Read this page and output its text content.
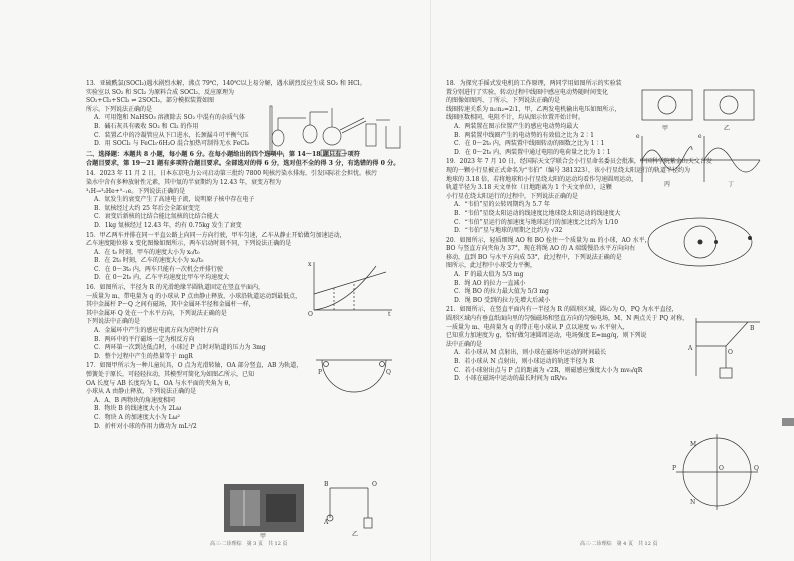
13．亚硫酰氯(SOCl₂)遇水剧烈水解，沸点 79℃，140℃以上易分解，遇水剧烈反应生成 SO₂ 和 HCl。
实验室以 SO₂ 和 SCl₂ 为原料合成 SOCl₂，反应原理为
SO₂+Cl₂+SCl₂ ⇌ 2SOCl₂，部分模拟装置如图
所示。下列说法正确的是
A．可用饱和 NaHSO₃ 溶液除去 SO₂ 中混有的杂质气体
B．碱石灰具有吸收 SO₂ 和 Cl₂ 的作用
C．装置乙中的冷凝管应从下口进水，长颈漏斗可平衡气压
D．用 SOCl₂ 与 FeCl₃·6H₂O 混合加热可制得无水 FeCl₃
二、选择题：本题共 8 小题，每小题 6 分。在每小题给出的四个选项中，第 14～18 题只有一项符
合题目要求，第 19～21 题有多项符合题目要求。全部选对的得 6 分，选对但不全的得 3 分，有选错的得 0 分。
14．2023 年 11 月 2 日，日本东京电力公司启动第三批约 7800 吨核污染水排海，引发国际社会担忧。核污
染水中含有多种放射性元素，其中氚的半衰期约为 12.43 年，衰变方程为
³₁H→³₂He+⁰₋₁e。下列说法正确的是
A．氚发生的衰变产生了高速电子流，说明原子核中存在电子
B．氚核经过大约 25 年后会全部衰变完
C．衰变后新核的比结合能比氚核的比结合能大
D．1kg 氚核经过 12.43 年，约有 0.75kg 发生了衰变
15．甲乙两车并排在同一平直公路上向同一方向行驶，甲车匀速，乙车从静止开始做匀加速运动，
乙车速度随位移 x 变化图像如图所示，两车启动时刻不同，下列说法正确的是
A．在 t₀ 时刻，甲车的速度大小为 x₀/t₀
B．在 2t₀ 时刻，乙车的速度大小为 x₀/t₀
C．在 0～3t₀ 内，两车只能有一次机会并排行驶
D．在 0～2t₀ 内，乙车平均速度比甲车平均速度大
x
t
O
16．如图所示，半径为 R 的光滑绝缘半圆轨道固定在竖直平面内，
一质量为 m、带电量为 q 的小球从 P 点由静止释放，小球沿轨道运动到最低点，
其中金属杆 P～Q 之间有磁场，其中金属环半径和金属杆一样，
其中金属环 Q 处在一个水平方向，下列说法正确的是
下列说法中正确的是
A．金属环中产生的感应电流方向为逆时针方向
B．两环中的平行磁场一定为相反方向
C．两环第一次到达低点时，小球过 P 点时对轨道的压力为 3mg
D．整个过程中产生的热量等于 mgR
P	Q
17．如图甲所示为一种儿童玩具，O 点为光滑转轴，OA 部分竖直，AB 为轨道，
弹簧处于原长，可轻轻拉动，其模型可简化为如图乙所示，已知
OA 长度与 AB 长度均为 L，OA 与水平面的夹角为 θ，
小球从 A 由静止释放，下列说法正确的是
A．A、B 两物块的角速度相同
B．物块 B 的线速度大小为 2Lω
C．物块 A 的加速度大小为 Lω²
D．折杆对小球的作用力做功为 mL²/2
甲
B
A
O
乙
18．为探究手摇式发电机的工作原理，两同学用如图所示的实验装
置分别进行了实验，转动过程中线圈中感应电动势随时间变化
的图像如图丙、丁所示，下列说法正确的是
线圈转速关系为 n₁∶n₂=2∶1，甲、乙两发电机输出电压如图所示，
线圈匝数相同，电阻不计，均从图示位置开始计时。
A．两装置在图示位置产生的感应电动势均最大
B．两装置中线圈产生的电动势的有效值之比为 2∶1
C．在 0～2t₀ 内，两装置中线圈转动的圈数之比为 1∶1
D．在 0～2t₀ 内，两装置中通过电阻的电荷量之比为 1∶1
甲	乙
e	e
丙	丁
19．2023 年 7 月 10 日，经国际天文学联合会小行星命名委员会批准，中国科学院紫金山天文台发
现的一颗小行星被正式命名为“韦伯”（编号 381323），该小行星绕太阳运行的轨道半径约为
地球的 3.18 倍，若将地球和小行星绕太阳的运动均看作匀速圆周运动，
轨道半径为 3.18 天文单位（日地距离为 1 个天文单位），这颗
小行星在绕太阳运行的过程中，下列说法正确的是
A．“韦伯”星的公转周期约为 5.7 年
B．“韦伯”星绕太阳运动的线速度比地球绕太阳运动的线速度大
C．“韦伯”星运行的加速度与地球运行的加速度之比约为 1/10
D．“韦伯”星与地球的周期之比约为 √32
20．如图所示，轻质细绳 AO 和 BO 拴住一个质量为 m 的小球，AO 水平，
BO 与竖直方向夹角为 37°，现在将绳 AO 的 A 端缓慢沿水平方向向右
移动，直到 BO 与水平方向成 53°，此过程中，下列说法正确的是
图所示，此过程中小球受力平衡，
A．F 的最大值为 5/3 mg
B．绳 AO 的拉力一直减小
C．绳 BO 的拉力最大值为 5/3 mg
D．绳 BO 受到的拉力先增大后减小
A
B
O
21．如图所示，在竖直平面内有一半径为 R 的圆形区域，圆心为 O，PQ 为水平直径，
圆形区域内有垂直纸面向里的匀强磁场和竖直方向的匀强电场，M、N 两点关于 PQ 对称，
一质量为 m、电荷量为 q 的带正电小球从 P 点以速度 v₀ 水平射入，
已知重力加速度为 g，恰好做匀速圆周运动，电场强度 E=mg/q，则下列说
法中正确的是
A．若小球从 M 点射出，则小球在磁场中运动的时间最长
B．若小球从 N 点射出，则小球运动的轨迹半径为 R
C．若小球射出点与 P 点的距离为 √2R，则磁感应强度大小为 mv₀/qR
D．小球在磁场中运动的最长时间为 πR/v₀
P	Q
O
M
N
高三·二诊理综　第 3 页　共 12 页	高三·二诊理综　第 4 页　共 12 页
